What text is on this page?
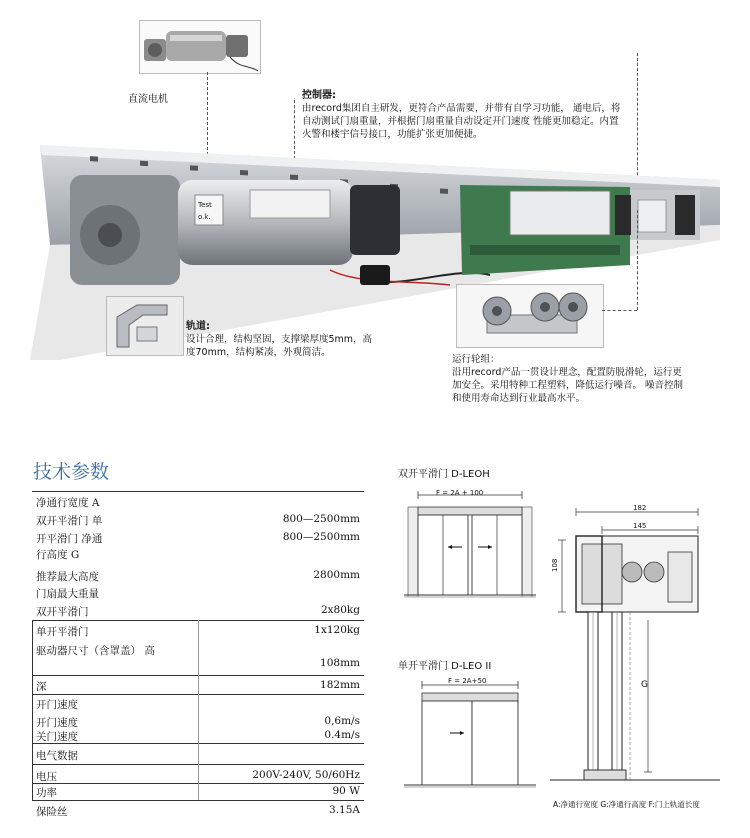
直流电机	控制器:
由record集团自主研发，更符合产品需要，并带有自学习功能， 通电后，将自动测试门扇重量，并根据门扇重量自动设定开门速度 性能更加稳定。内置火警和楼宇信号接口，功能扩张更加便捷。
Test
o.k.
轨道:
设计合理，结构坚固，支撑梁厚度5mm，高度70mm，结构紧凑，外观简洁。
运行轮组：
沿用record产品一贯设计理念，配置防脱滑轮，运行更加安全。采用特种工程塑料，降低运行噪音。 噪音控制和使用寿命达到行业最高水平。
技术参数
净通行宽度 A
双开平滑门 单	800—2500mm
开平滑门 净通	800—2500mm
行高度 G
推荐最大高度	2800mm
门扇最大重量
双开平滑门	2x80kg
单开平滑门	1x120kg
驱动器尺寸（含罩盖） 高
108mm
深	182mm
开门速度
开门速度	0,6m/s
关门速度	0.4m/s
电气数据
电压	200V-240V, 50/60Hz
功率	90 W
保险丝	3.15A
双开平滑门 D-LEOH
F = 2A + 100
单开平滑门 D-LEO II
F = 2A+50
182
145
108
G
A:净通行宽度 G:净通行高度 F:门上轨道长度
